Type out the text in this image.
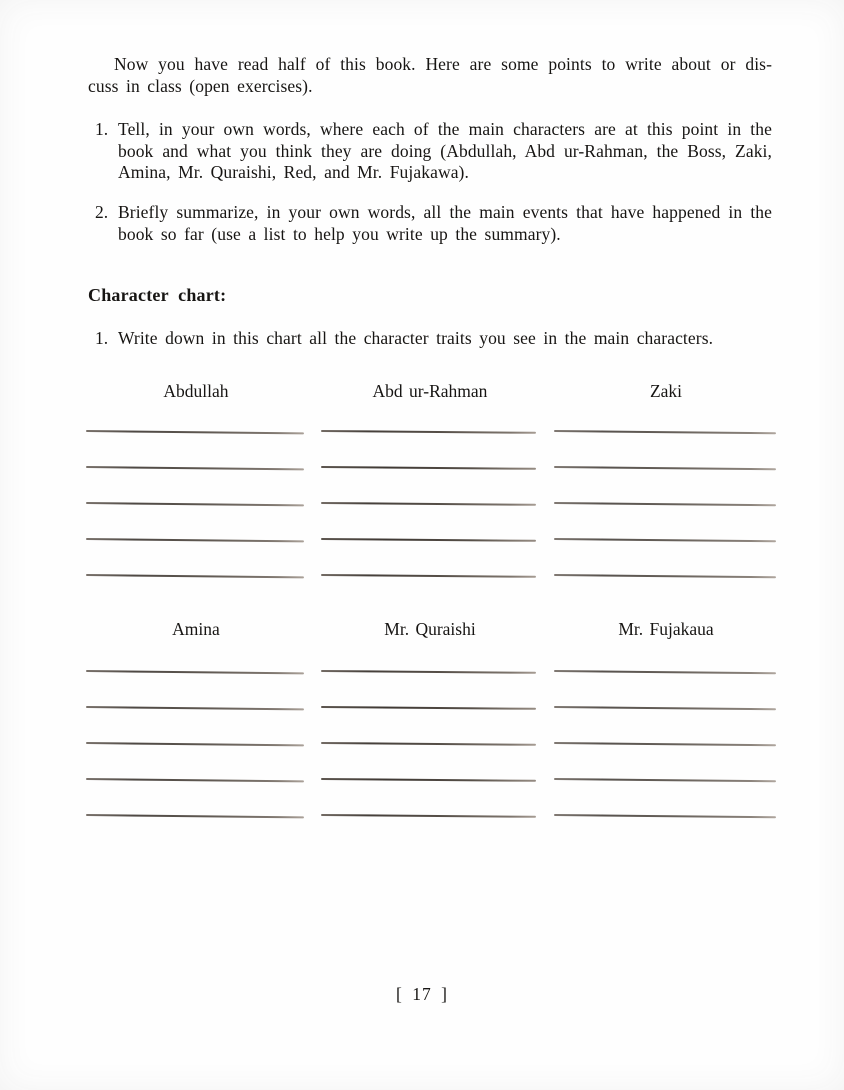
Now you have read half of this book. Here are some points to write about or dis-
cuss in class (open exercises).
1. Tell, in your own words, where each of the main characters are at this point in the
book and what you think they are doing (Abdullah, Abd ur-Rahman, the Boss, Zaki,
Amina, Mr. Quraishi, Red, and Mr. Fujakawa).
2. Briefly summarize, in your own words, all the main events that have happened in the
book so far (use a list to help you write up the summary).
Character chart:
1. Write down in this chart all the character traits you see in the main characters.
Abdullah	Abd ur-Rahman	Zaki
Amina	Mr. Quraishi	Mr. Fujakaua
[ 17 ]
